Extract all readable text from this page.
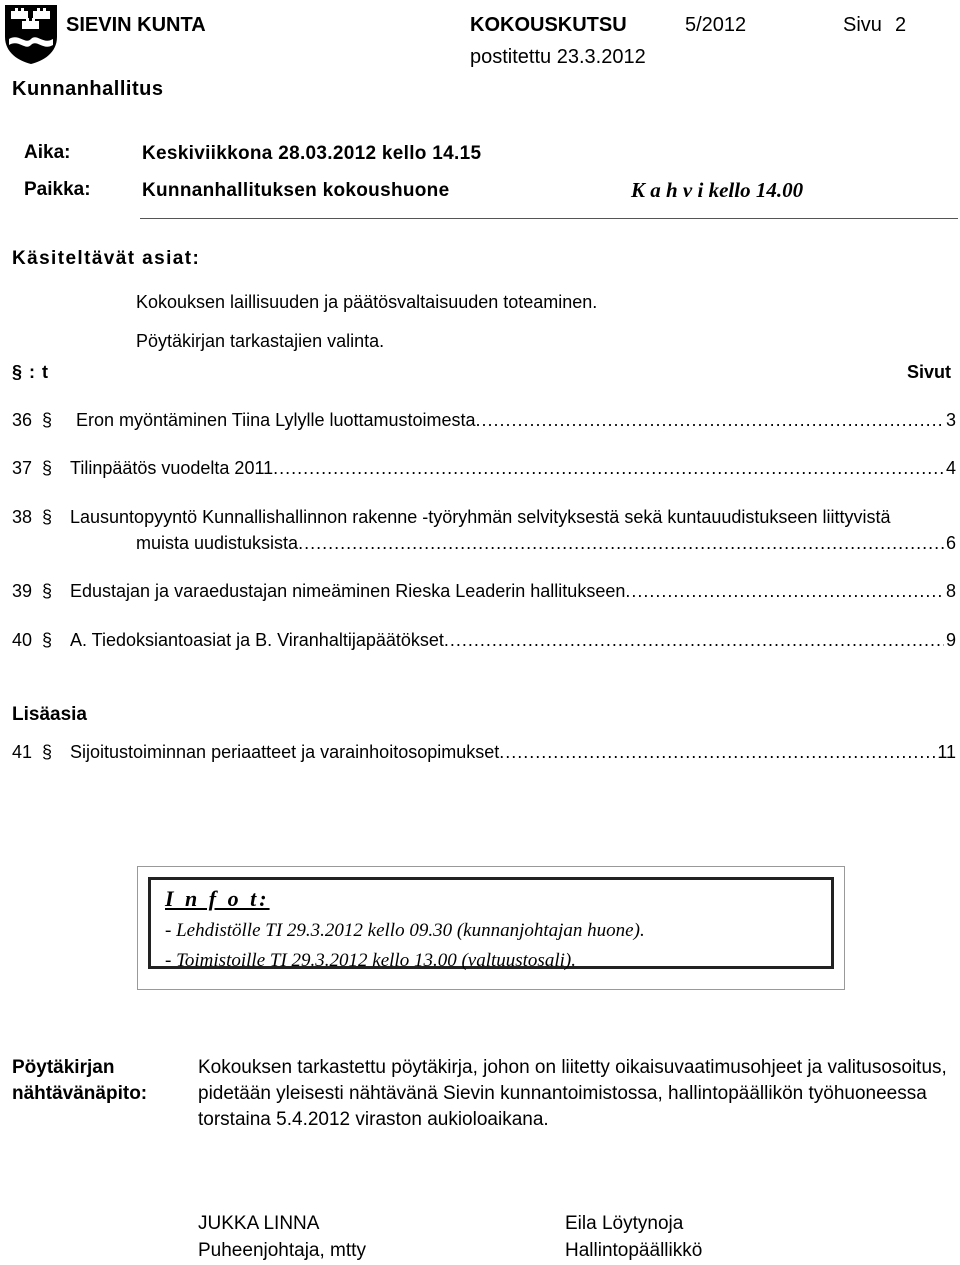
SIEVIN KUNTA	KOKOUSKUTSU	5/2012	Sivu 2
postitettu 23.3.2012
Kunnanhallitus
Aika:	Keskiviikkona 28.03.2012 kello 14.15
Paikka:	Kunnanhallituksen kokoushuone	K a h v i kello 14.00
Käsiteltävät asiat:
Kokouksen laillisuuden ja päätösvaltaisuuden toteaminen.
Pöytäkirjan tarkastajien valinta.
§ : t	Sivut
36 § Eron myöntäminen Tiina Lylylle luottamustoimesta .....	3
37 § Tilinpäätös vuodelta 2011 .....	4
38 § Lausuntopyyntö Kunnallishallinnon rakenne -työryhmän selvityksestä sekä kuntauudistukseen liittyvistä
muista uudistuksista .....	6
39 § Edustajan ja varaedustajan nimeäminen Rieska Leaderin hallitukseen .....	8
40 § A. Tiedoksiantoasiat ja B. Viranhaltijapäätökset .....	9
Lisäasia
41 § Sijoitustoiminnan periaatteet ja varainhoitosopimukset .....	11
I n f o t:
- Lehdistölle TI 29.3.2012 kello 09.30 (kunnanjohtajan huone).
- Toimistoille TI 29.3.2012 kello 13.00 (valtuustosali).
Pöytäkirjan
nähtävänäpito:
Kokouksen tarkastettu pöytäkirja, johon on liitetty oikaisuvaatimusohjeet ja valitusosoitus, pidetään yleisesti nähtävänä Sievin kunnantoimistossa, hallintopäällikön työhuoneessa torstaina 5.4.2012 viraston aukioloaikana.
JUKKA LINNA
Puheenjohtaja, mtty
Eila Löytynoja
Hallintopäällikkö
